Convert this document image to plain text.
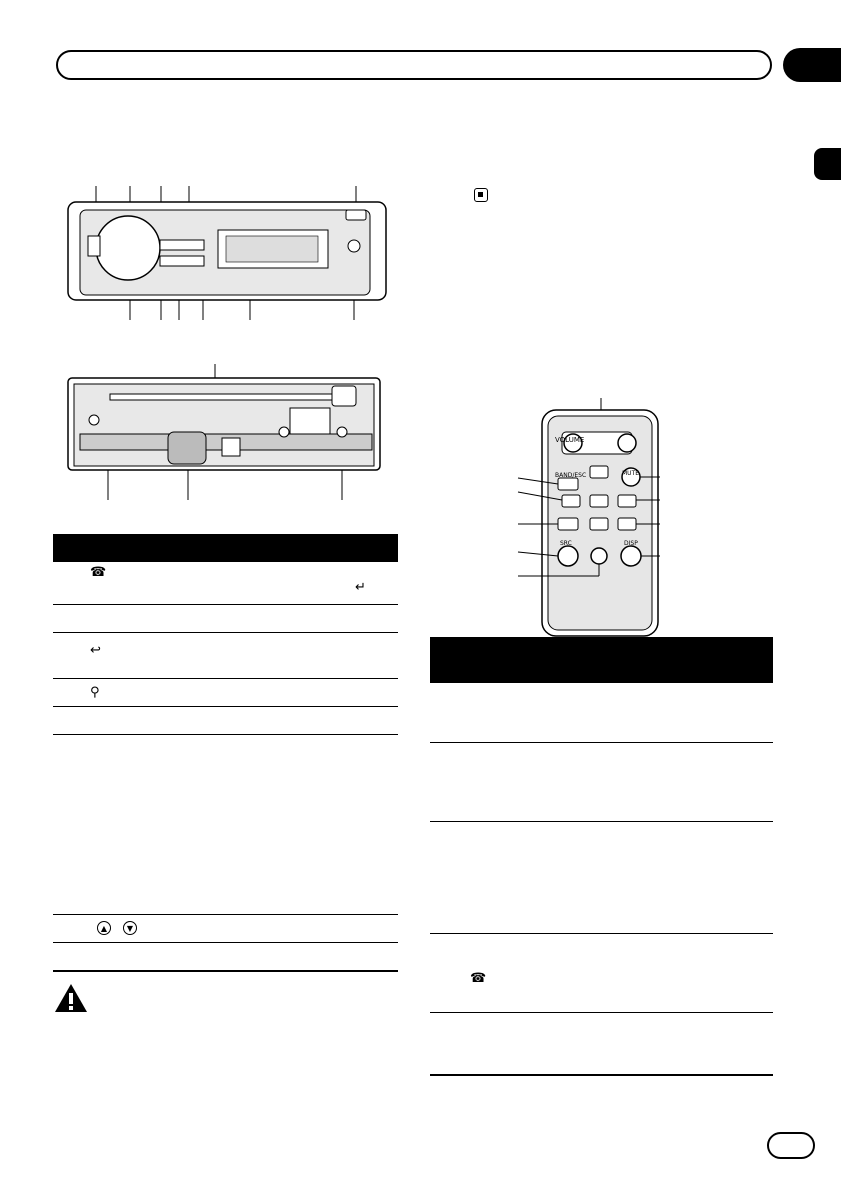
☎
↵
↩
⚲
▲	▼
VOLUME
BAND/ESC	MUTE
SRC	DISP
☎
